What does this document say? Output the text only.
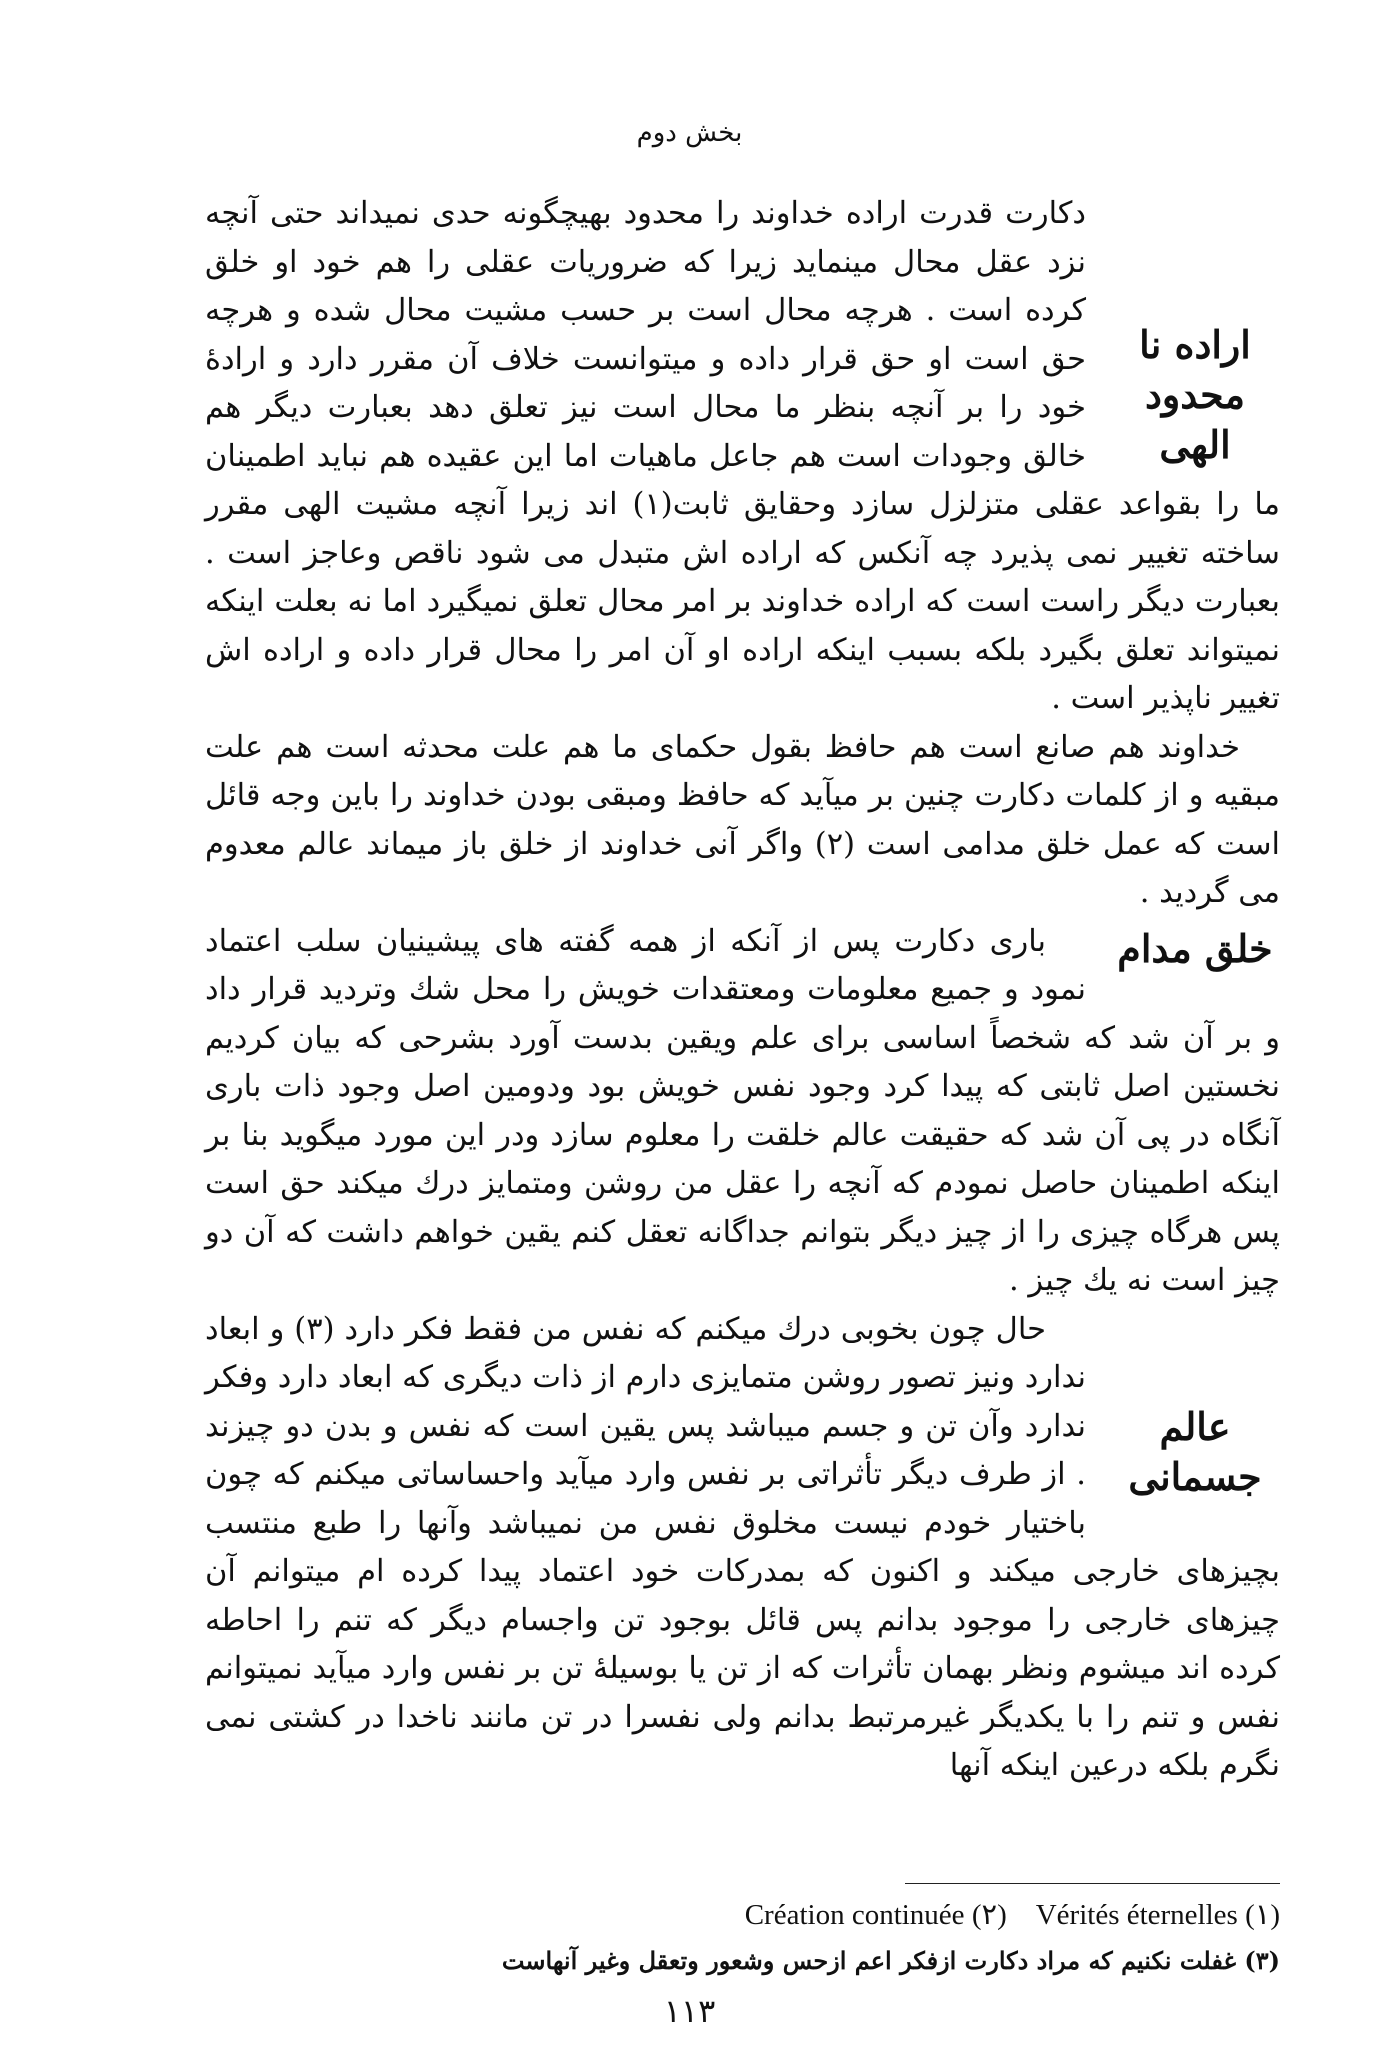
بخش دوم
اراده نا محدود
الهی

دکارت قدرت اراده خداوند را محدود بهیچگونه حدی نمیداند حتی آنچه نزد عقل محال مینماید زیرا که ضروریات عقلی را هم خود او خلق کرده است . هرچه محال است بر حسب مشیت محال شده و هرچه حق است او حق قرار داده و میتوانست خلاف آن مقرر دارد و ارادهٔ خود را بر آنچه بنظر ما محال است نیز تعلق دهد بعبارت دیگر هم خالق وجودات است هم جاعل ماهیات اما این عقیده هم نباید اطمینان ما را بقواعد عقلی متزلزل سازد وحقایق ثابت(۱) اند زیرا آنچه مشیت الهی مقرر ساخته تغییر نمی پذیرد چه آنکس که اراده اش متبدل می شود ناقص وعاجز است . بعبارت دیگر راست است که اراده خداوند بر امر محال تعلق نمیگیرد اما نه بعلت اینکه نمیتواند تعلق بگیرد بلکه بسبب اینکه اراده او آن امر را محال قرار داده و اراده اش تغییر ناپذیر است .

خداوند هم صانع است هم حافظ بقول حکمای ما هم علت محدثه است هم علت مبقیه و از کلمات دکارت چنین بر میآید که حافظ ومبقی بودن خداوند را باین وجه قائل است که عمل خلق مدامی است (۲) واگر آنی خداوند از خلق باز میماند عالم معدوم می گردید .

خلق مدام

باری دکارت پس از آنکه از همه گفته های پیشینیان سلب اعتماد نمود و جمیع معلومات ومعتقدات خویش را محل شك وتردید قرار داد و بر آن شد که شخصاً اساسی برای علم ویقین بدست آورد بشرحی که بیان کردیم نخستین اصل ثابتی که پیدا کرد وجود نفس خویش بود ودومین اصل وجود ذات باری آنگاه در پی آن شد که حقیقت عالم خلقت را معلوم سازد ودر این مورد میگوید بنا بر اینکه اطمینان حاصل نمودم که آنچه را عقل من روشن ومتمایز درك میکند حق است پس هرگاه چیزی را از چیز دیگر بتوانم جداگانه تعقل کنم یقین خواهم داشت که آن دو چیز است نه یك چیز .

عالم جسمانی

حال چون بخوبی درك میکنم که نفس من فقط فکر دارد (۳) و ابعاد ندارد ونیز تصور روشن متمایزی دارم از ذات دیگری که ابعاد دارد وفکر ندارد وآن تن و جسم میباشد پس یقین است که نفس و بدن دو چیزند . از طرف دیگر تأثراتی بر نفس وارد میآید واحساساتی میکنم که چون باختیار خودم نیست مخلوق نفس من نمیباشد وآنها را طبع منتسب بچیزهای خارجی میکند و اکنون که بمدرکات خود اعتماد پیدا کرده ام میتوانم آن چیزهای خارجی را موجود بدانم پس قائل بوجود تن واجسام دیگر که تنم را احاطه کرده اند میشوم ونظر بهمان تأثرات که از تن یا بوسیلهٔ تن بر نفس وارد میآید نمیتوانم نفس و تنم را با یکدیگر غیرمرتبط بدانم ولی نفسرا در تن مانند ناخدا در کشتی نمی نگرم بلکه درعین اینکه آنها

(۱) Vérités éternelles    (۲) Création continuée
(۳) غفلت نکنیم که مراد دکارت ازفکر اعم ازحس وشعور وتعقل وغیر آنهاست
۱۱۳
